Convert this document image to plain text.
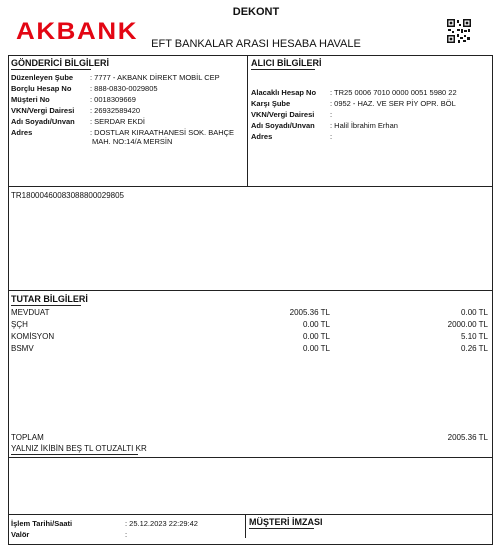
AKBANK
DEKONT
EFT BANKALAR ARASI HESABA HAVALE
GÖNDERİCİ BİLGİLERİ
Düzenleyen Şube : 7777 - AKBANK DİREKT MOBİL CEP
Borçlu Hesap No : 888-0830-0029805
Müşteri No	: 0018309669
VKN/Vergi Dairesi : 26932589420
Adı Soyadı/Unvan : SERDAR EKDİ
Adres	: DOSTLAR KIRAATHANESİ SOK. BAHÇE
MAH. NO:14/A MERSİN
ALICI BİLGİLERİ
Alacaklı Hesap No : TR25 0006 7010 0000 0051 5980 22
Karşı Şube	: 0952 - HAZ. VE SER PİY OPR. BÖL
VKN/Vergi Dairesi :
Adı Soyadı/Unvan : Halil İbrahim Erhan
Adres	:
TR18000460083088800029805
TUTAR BİLGİLERİ
MEVDUAT	2005.36 TL	0.00 TL
ŞÇH	0.00 TL	2000.00 TL
KOMİSYON	0.00 TL	5.10 TL
BSMV	0.00 TL	0.26 TL
TOPLAM	2005.36 TL
YALNIZ İKİBİN BEŞ TL OTUZALTI KR
İşlem Tarihi/Saati	: 25.12.2023 22:29:42
Valör	:
MÜŞTERİ İMZASI
